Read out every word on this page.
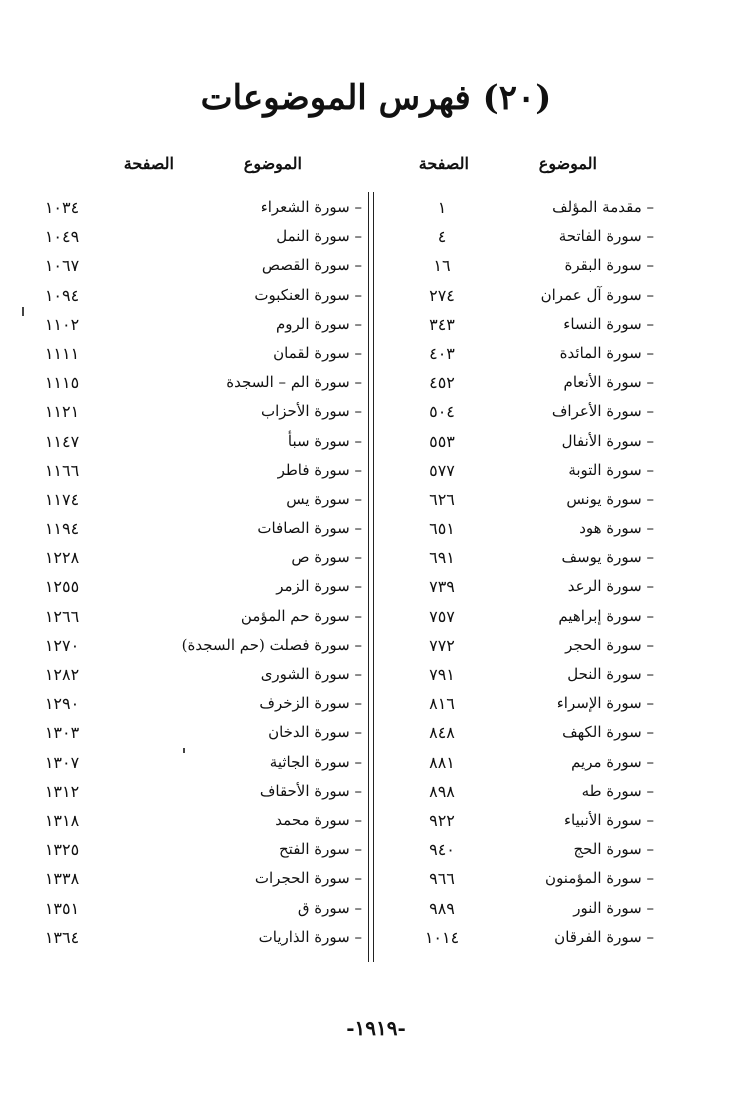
(٢٠) فهرس الموضوعات
الموضوع
الصفحة
الموضوع
الصفحة
– مقدمة المؤلف
١
– سورة الفاتحة
٤
– سورة البقرة
١٦
– سورة آل عمران
٢٧٤
– سورة النساء
٣٤٣
– سورة المائدة
٤٠٣
– سورة الأنعام
٤٥٢
– سورة الأعراف
٥٠٤
– سورة الأنفال
٥٥٣
– سورة التوبة
٥٧٧
– سورة يونس
٦٢٦
– سورة هود
٦٥١
– سورة يوسف
٦٩١
– سورة الرعد
٧٣٩
– سورة إبراهيم
٧٥٧
– سورة الحجر
٧٧٢
– سورة النحل
٧٩١
– سورة الإسراء
٨١٦
– سورة الكهف
٨٤٨
– سورة مريم
٨٨١
– سورة طه
٨٩٨
– سورة الأنبياء
٩٢٢
– سورة الحج
٩٤٠
– سورة المؤمنون
٩٦٦
– سورة النور
٩٨٩
– سورة الفرقان
١٠١٤
– سورة الشعراء
١٠٣٤
– سورة النمل
١٠٤٩
– سورة القصص
١٠٦٧
– سورة العنكبوت
١٠٩٤
– سورة الروم
١١٠٢
– سورة لقمان
١١١١
– سورة الم – السجدة
١١١٥
– سورة الأحزاب
١١٢١
– سورة سبأ
١١٤٧
– سورة فاطر
١١٦٦
– سورة يس
١١٧٤
– سورة الصافات
١١٩٤
– سورة ص
١٢٢٨
– سورة الزمر
١٢٥٥
– سورة حم المؤمن
١٢٦٦
– سورة فصلت (حم السجدة)
١٢٧٠
– سورة الشورى
١٢٨٢
– سورة الزخرف
١٢٩٠
– سورة الدخان
١٣٠٣
– سورة الجاثية
١٣٠٧
– سورة الأحقاف
١٣١٢
– سورة محمد
١٣١٨
– سورة الفتح
١٣٢٥
– سورة الحجرات
١٣٣٨
– سورة ق
١٣٥١
– سورة الذاريات
١٣٦٤
-١٩١٩-
